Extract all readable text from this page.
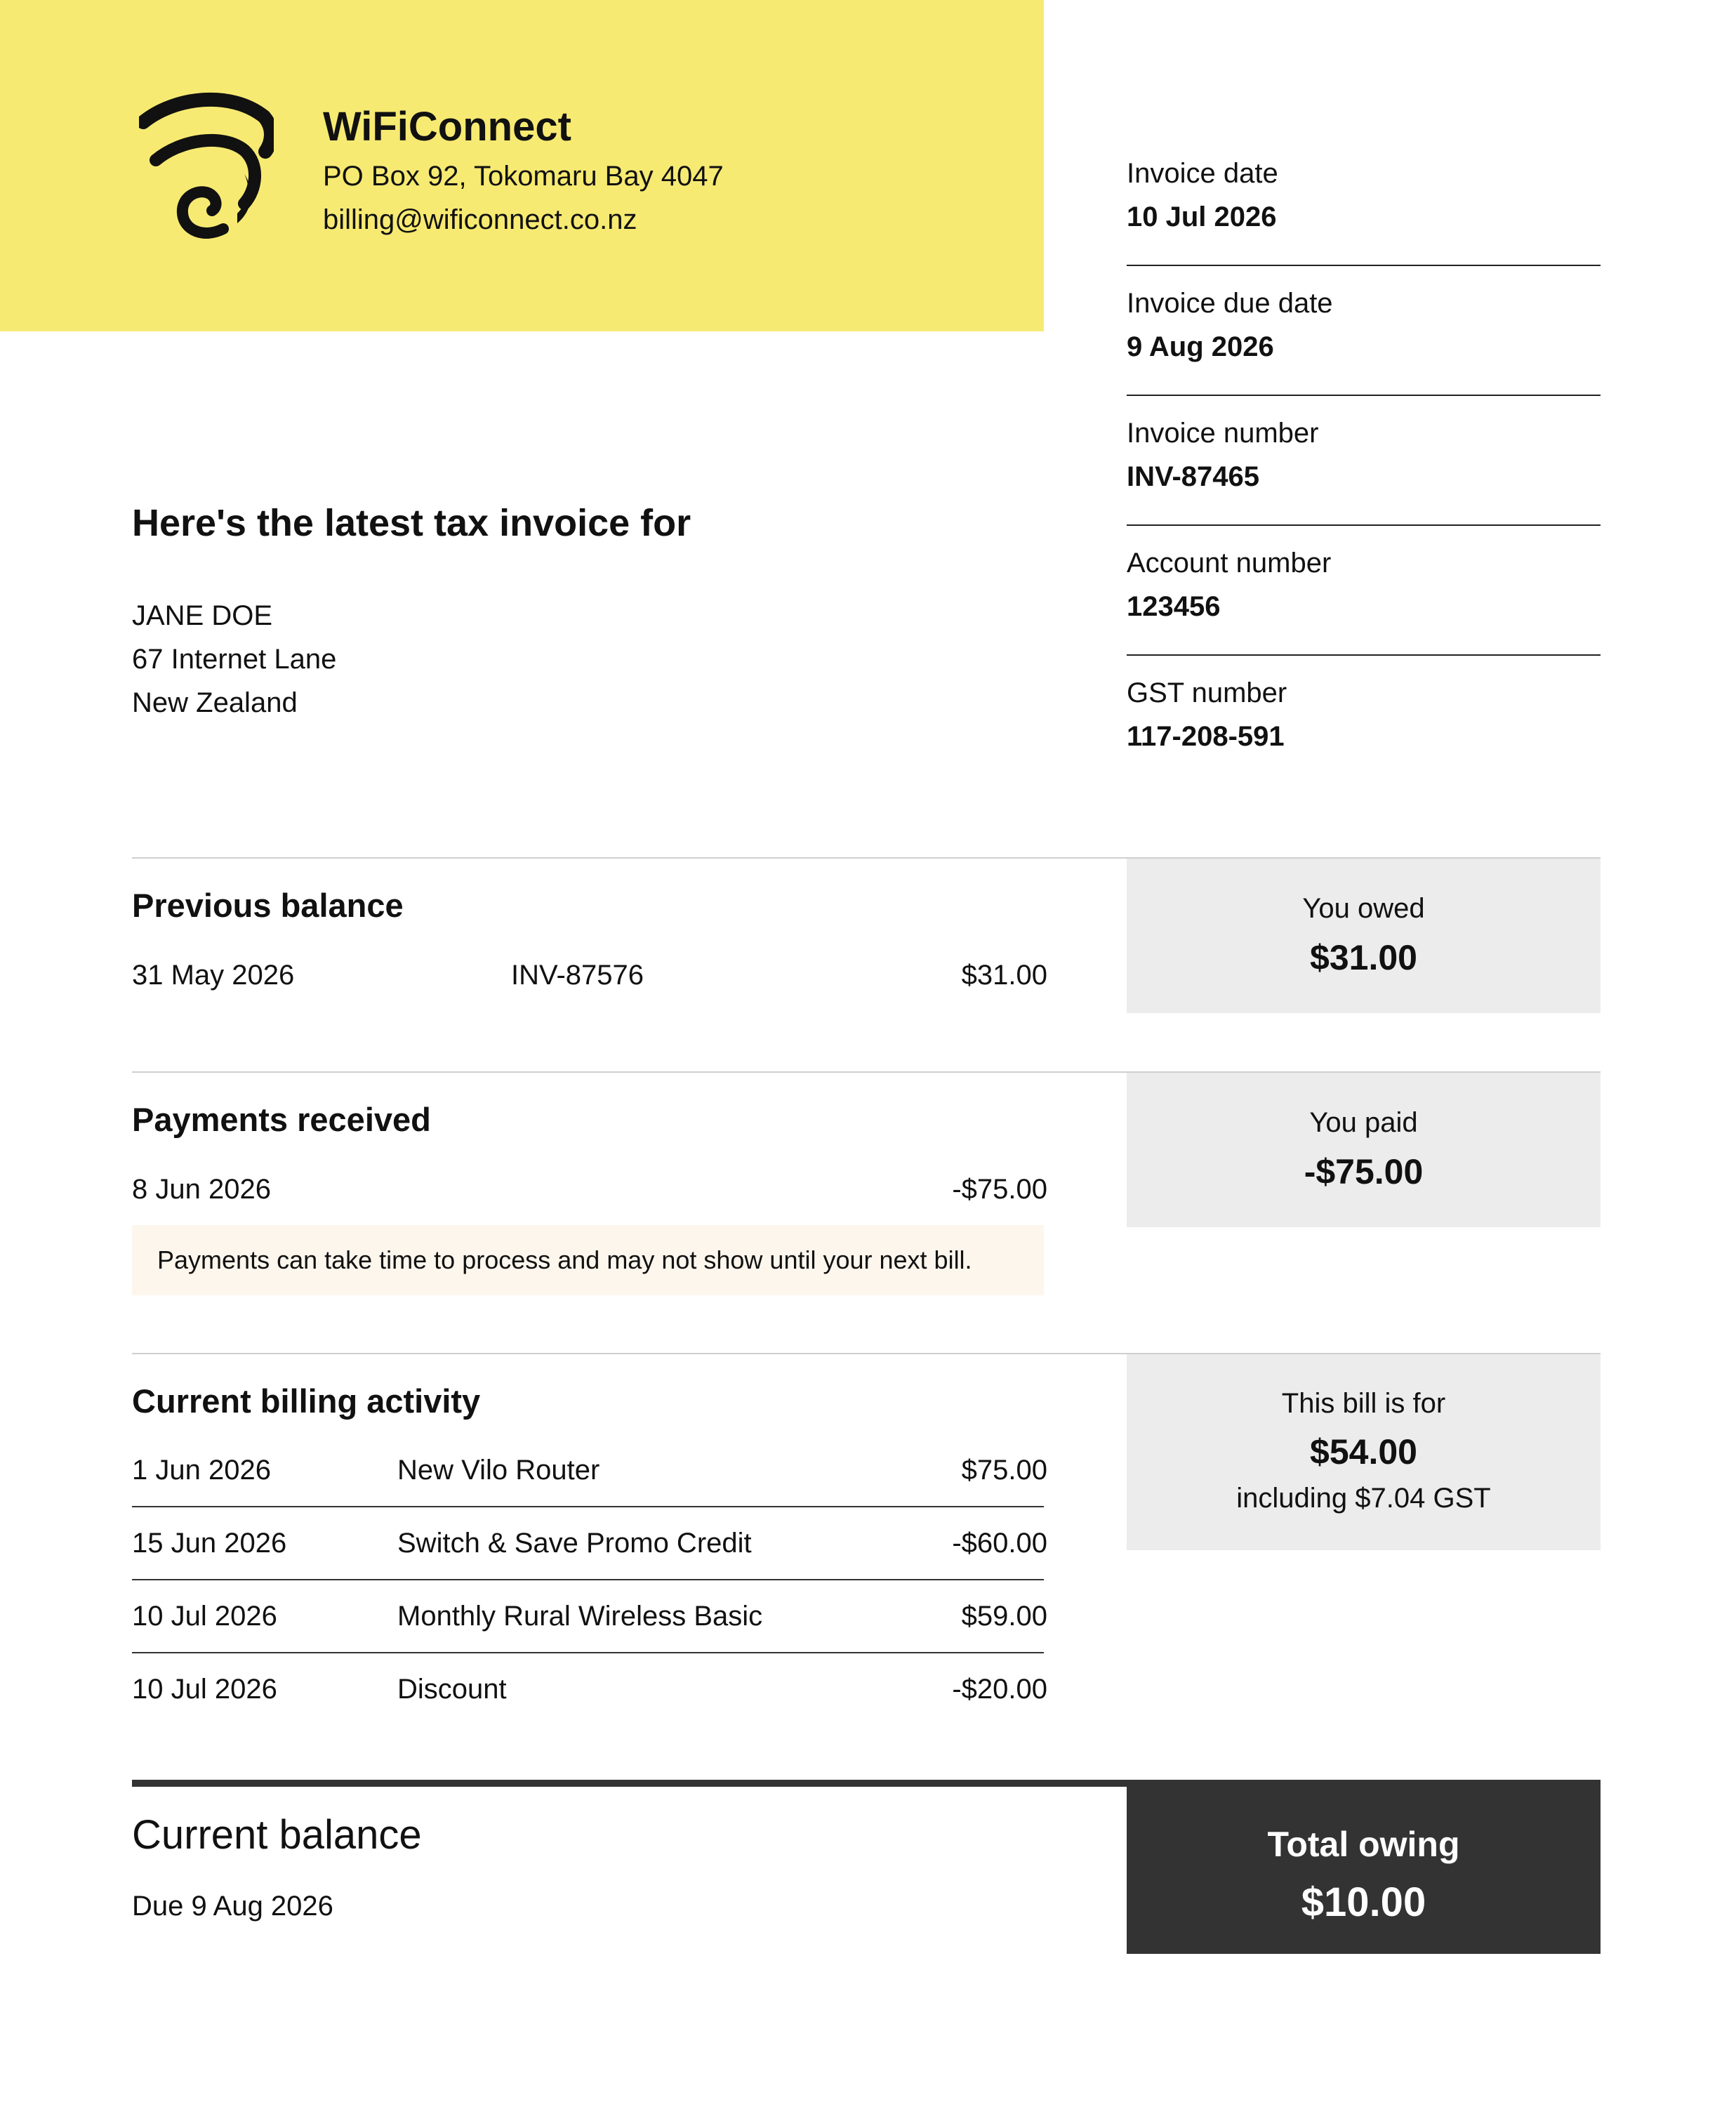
WiFiConnect
PO Box 92, Tokomaru Bay 4047
billing@wificonnect.co.nz
Invoice date
10 Jul 2026
Invoice due date
9 Aug 2026
Invoice number
INV-87465
Account number
123456
GST number
117-208-591
Here's the latest tax invoice for
JANE DOE
67 Internet Lane
New Zealand
Previous balance
31 May 2026	INV-87576	$31.00
You owed
$31.00
Payments received
8 Jun 2026	-$75.00
Payments can take time to process and may not show until your next bill.
You paid
-$75.00
Current billing activity
1 Jun 2026	New Vilo Router	$75.00
15 Jun 2026	Switch & Save Promo Credit	-$60.00
10 Jul 2026	Monthly Rural Wireless Basic	$59.00
10 Jul 2026	Discount	-$20.00
This bill is for
$54.00
including $7.04 GST
Current balance
Due 9 Aug 2026
Total owing
$10.00
